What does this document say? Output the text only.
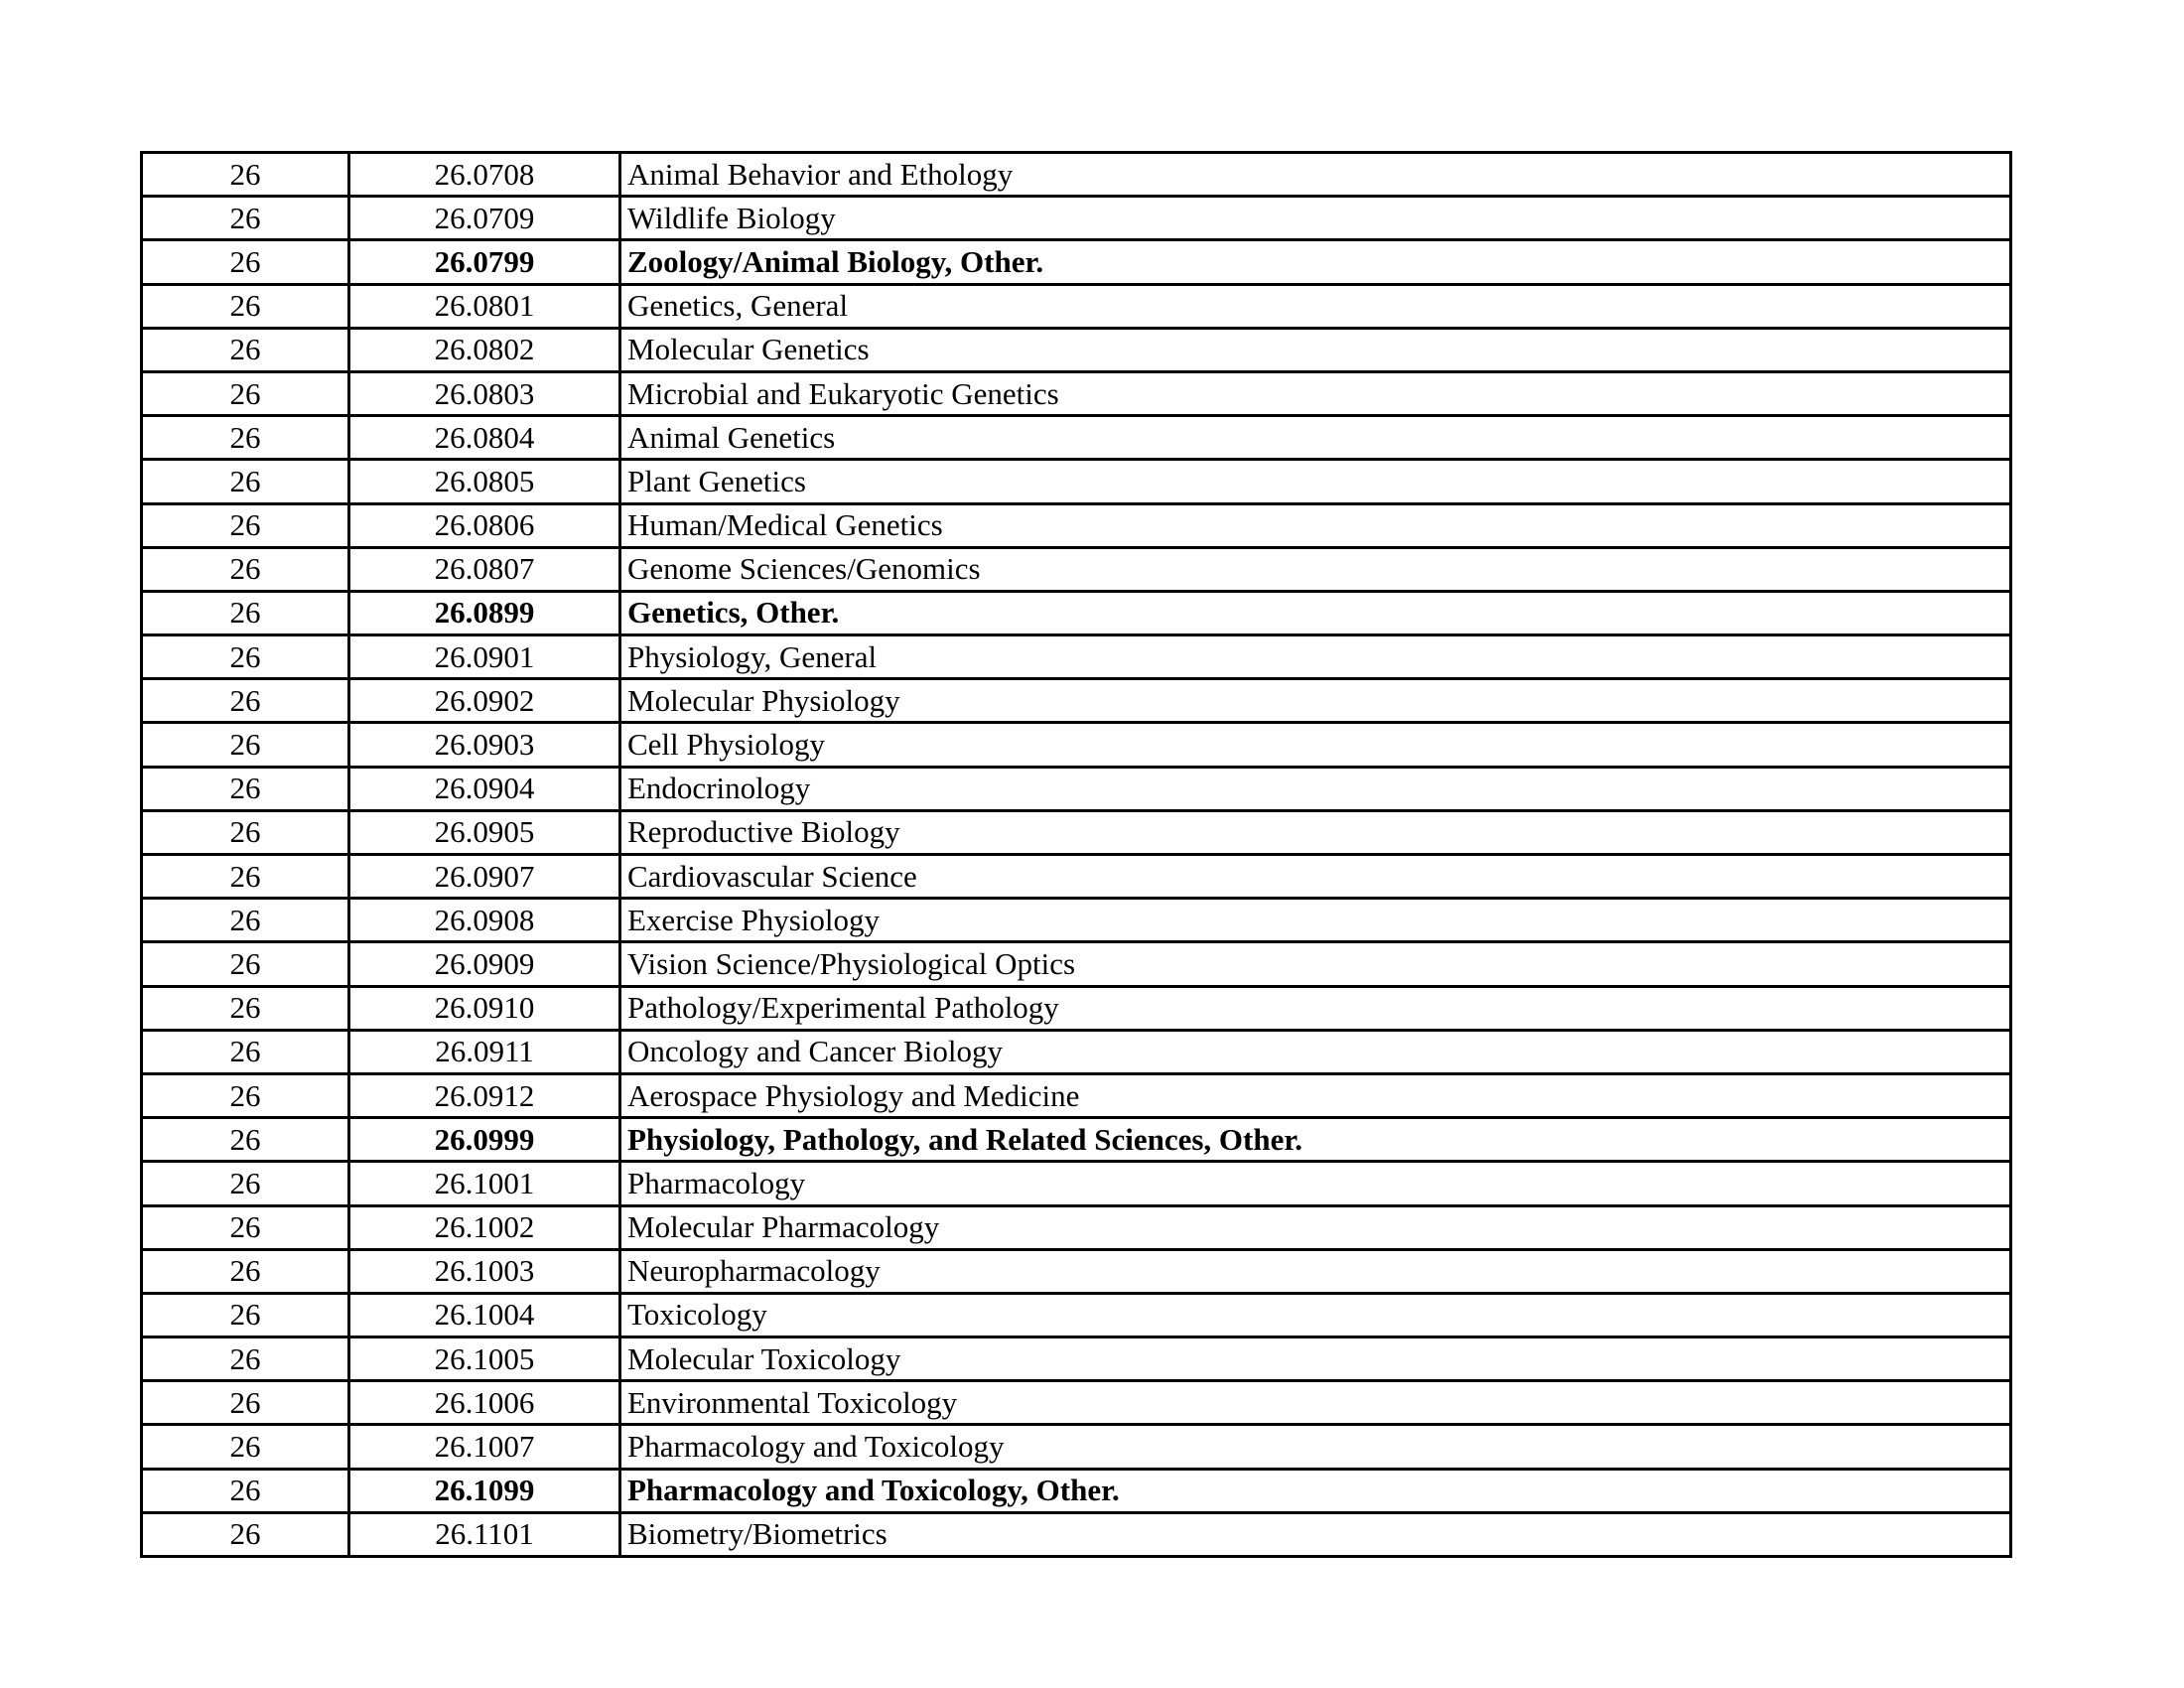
26	26.0708	Animal Behavior and Ethology
26	26.0709	Wildlife Biology
26	26.0799	Zoology/Animal Biology, Other.
26	26.0801	Genetics, General
26	26.0802	Molecular Genetics
26	26.0803	Microbial and Eukaryotic Genetics
26	26.0804	Animal Genetics
26	26.0805	Plant Genetics
26	26.0806	Human/Medical Genetics
26	26.0807	Genome Sciences/Genomics
26	26.0899	Genetics, Other.
26	26.0901	Physiology, General
26	26.0902	Molecular Physiology
26	26.0903	Cell Physiology
26	26.0904	Endocrinology
26	26.0905	Reproductive Biology
26	26.0907	Cardiovascular Science
26	26.0908	Exercise Physiology
26	26.0909	Vision Science/Physiological Optics
26	26.0910	Pathology/Experimental Pathology
26	26.0911	Oncology and Cancer Biology
26	26.0912	Aerospace Physiology and Medicine
26	26.0999	Physiology, Pathology, and Related Sciences, Other.
26	26.1001	Pharmacology
26	26.1002	Molecular Pharmacology
26	26.1003	Neuropharmacology
26	26.1004	Toxicology
26	26.1005	Molecular Toxicology
26	26.1006	Environmental Toxicology
26	26.1007	Pharmacology and Toxicology
26	26.1099	Pharmacology and Toxicology, Other.
26	26.1101	Biometry/Biometrics
